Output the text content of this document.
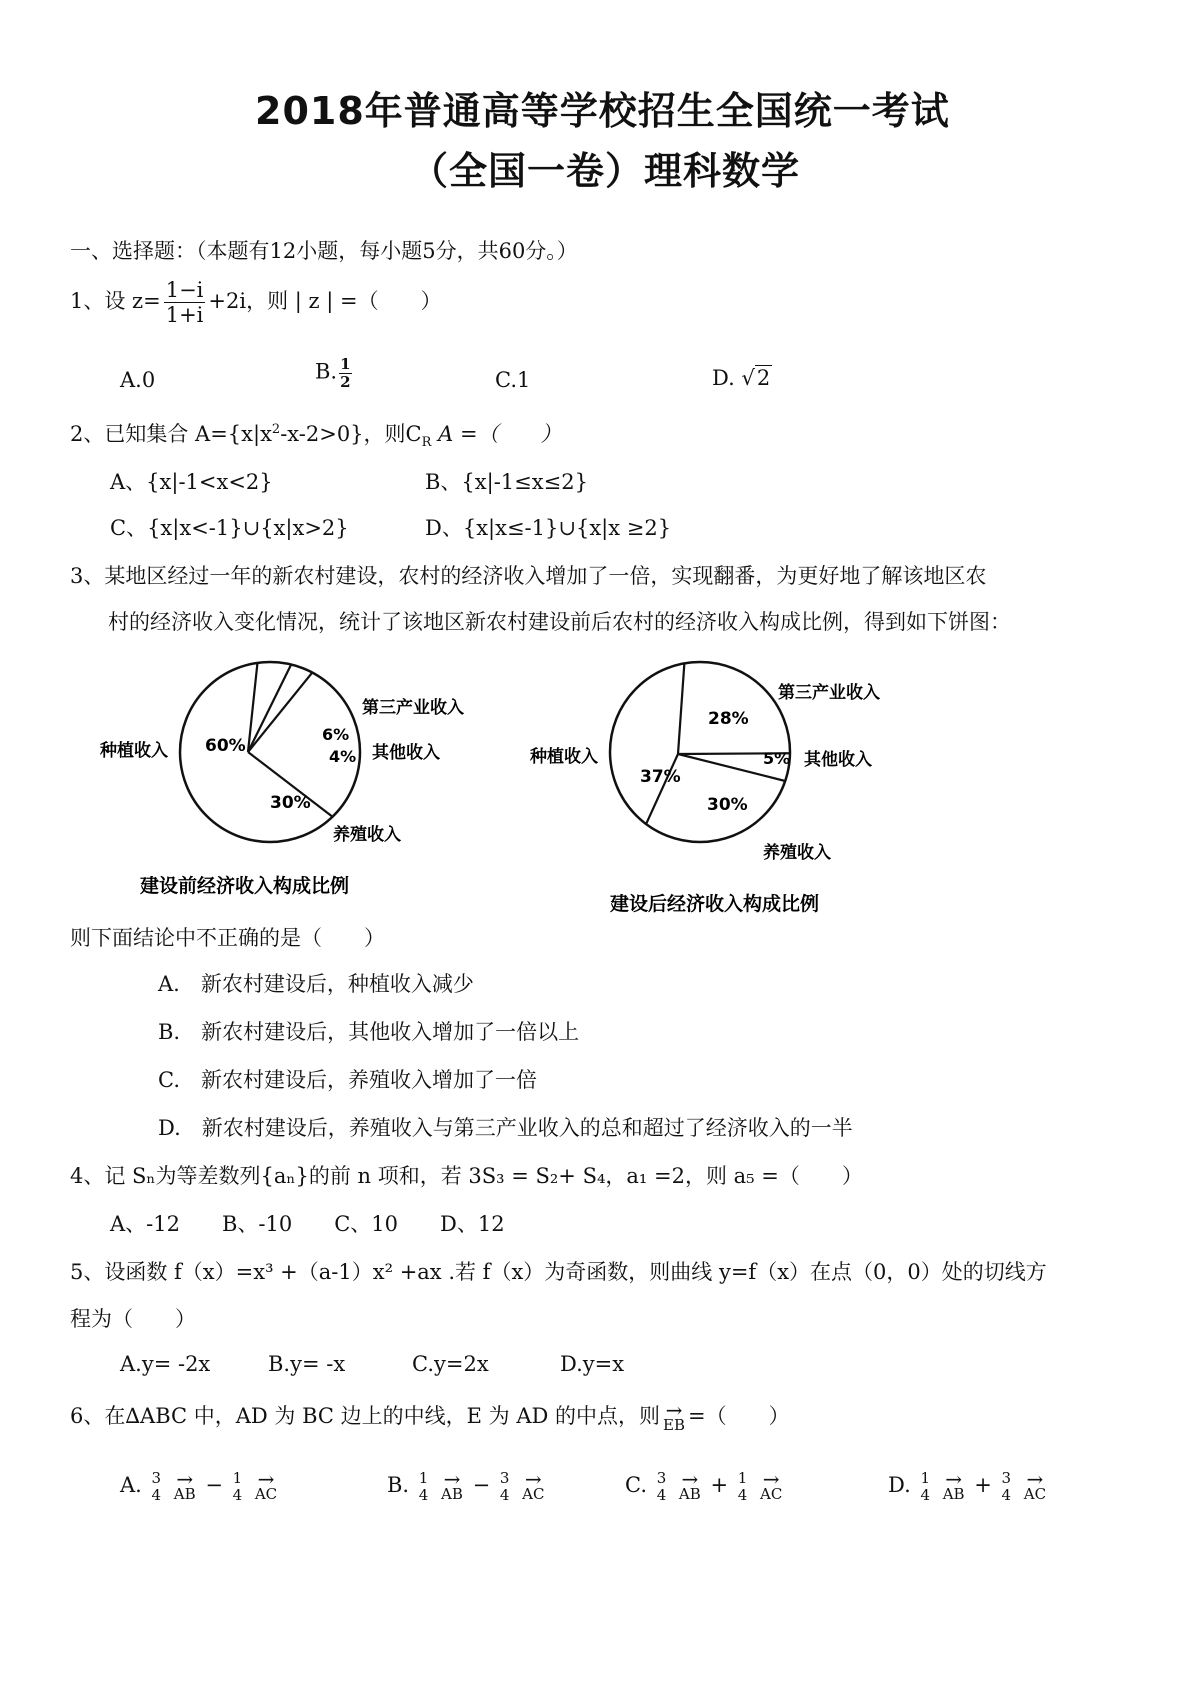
2018年普通高等学校招生全国统一考试
（全国一卷）理科数学
一、选择题：（本题有12小题，每小题5分，共60分。）
1、设 $z= \frac{1-i}{1+i} +2i$，则 | z | =（　　）
A.0	B. $\frac{1}{2}$	C.1	D. √2
2、已知集合 $A=\{x|x^2-x-2>0\}$，则$C_R$ A =（　　）
A、{x|-1<x<2}	B、{x|-1≤x≤2}
C、{x|x<-1}∪{x|x>2}	D、{x|x≤-1}∪{x|x ≥2}
3、某地区经过一年的新农村建设，农村的经济收入增加了一倍，实现翻番，为更好地了解该地区农
村的经济收入变化情况，统计了该地区新农村建设前后农村的经济收入构成比例，得到如下饼图：
种植收入
第三产业收入
其他收入
养殖收入
60%
6%
4%
30%
建设前经济收入构成比例
种植收入
第三产业收入
其他收入
养殖收入
37%
28%
5%
30%
建设后经济收入构成比例
则下面结论中不正确的是（　　）
A.　新农村建设后，种植收入减少
B.　新农村建设后，其他收入增加了一倍以上
C.　新农村建设后，养殖收入增加了一倍
D.　新农村建设后，养殖收入与第三产业收入的总和超过了经济收入的一半
4、记 Sₙ为等差数列{aₙ}的前 n 项和，若 3S₃ = S₂+ S₄，a₁ =2，则 a₅ =（　　）
A、-12　　B、-10　　C、10　　D、12
5、设函数 f（x）=x³ +（a-1）x² +ax .若 f（x）为奇函数，则曲线 y=f（x）在点（0，0）处的切线方
程为（　　）
A.y= -2x	B.y= -x	C.y=2x	D.y=x
6、在∆ABC 中，AD 为 BC 边上的中线，E 为 AD 的中点，则 →
EB =（　　）
A. 3
4

→
AB − 1
4

→
AC	B. 1
4

→
AB − 3
4

→
AC	C. 3
4

→
AB + 1
4

→
AC	D. 1
4

→
AB + 3
4

→
AC
